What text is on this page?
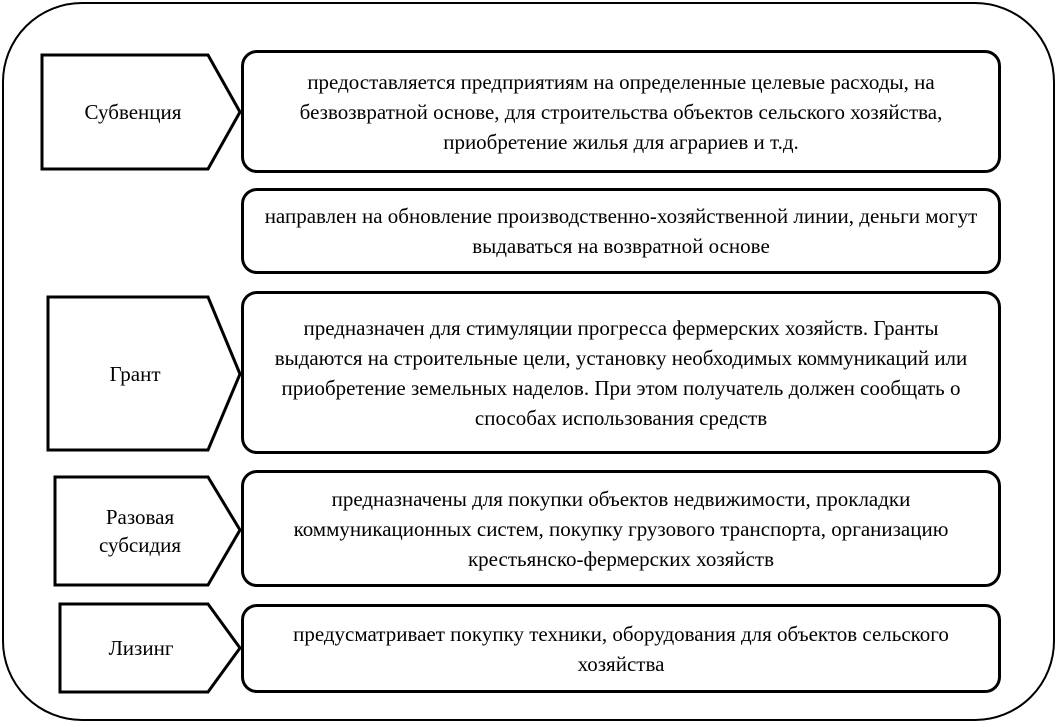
Субвенция
Грант
Разовая
субсидия
Лизинг
предоставляется предприятиям на определенные целевые расходы, на безвозвратной основе, для строительства объектов сельского хозяйства, приобретение жилья для аграриев и т.д.
направлен на обновление производственно-хозяйственной линии, деньги могут выдаваться на возвратной основе
предназначен для стимуляции прогресса фермерских хозяйств. Гранты выдаются на строительные цели, установку необходимых коммуникаций или приобретение земельных наделов. При этом получатель должен сообщать о способах использования средств
предназначены для покупки объектов недвижимости, прокладки коммуникационных систем, покупку грузового транспорта, организацию крестьянско-фермерских хозяйств
предусматривает покупку техники, оборудования для объектов сельского хозяйства
